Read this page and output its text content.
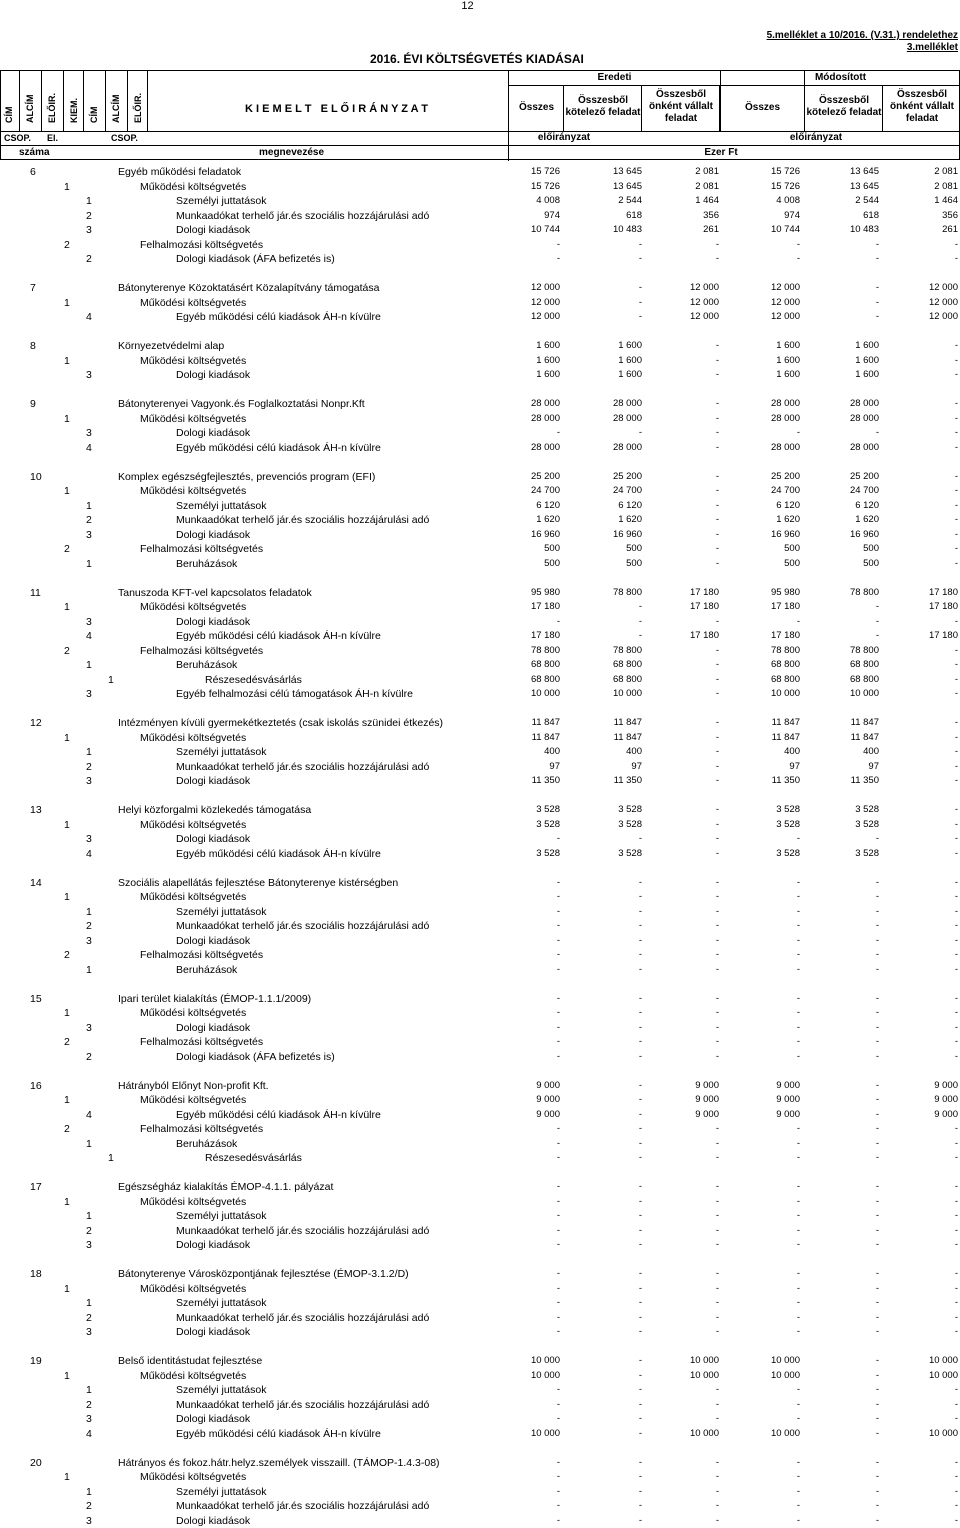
12
2016. ÉVI KÖLTSÉGVETÉS KIADÁSAI
5.melléklet a 10/2016. (V.31.) rendelethez
3.melléklet
CÍM ALCÍM ELŐIR. KIEM. CÍM ALCÍM ELŐIR.
CSOP. El.	CSOP.
száma	megnevezése
K I E M E L T   E L Ő I R Á N Y Z A T
Eredeti	Módosított
Összes
Összesből kötelező feladat
Összesből önként vállalt feladat
Összes
Összesből kötelező feladat
Összesből önként vállalt feladat
előirányzat	előirányzat
Ezer Ft
6	Egyéb működési feladatok	15 726	13 645	2 081	15 726	13 645	2 081
1	Működési költségvetés	15 726	13 645	2 081	15 726	13 645	2 081
1	Személyi juttatások	4 008	2 544	1 464	4 008	2 544	1 464
2	Munkaadókat terhelő jár.és szociális hozzájárulási adó	974	618	356	974	618	356
3	Dologi kiadások	10 744	10 483	261	10 744	10 483	261
2	Felhalmozási költségvetés	-	-	-	-	-	-
2	Dologi kiadások (ÁFA befizetés is)	-	-	-	-	-	-
7	Bátonyterenye Közoktatásért Közalapítvány támogatása	12 000	-	12 000	12 000	-	12 000
1	Működési költségvetés	12 000	-	12 000	12 000	-	12 000
4	Egyéb működési célú kiadások ÁH-n kívülre	12 000	-	12 000	12 000	-	12 000
8	Környezetvédelmi alap	1 600	1 600	-	1 600	1 600	-
1	Működési költségvetés	1 600	1 600	-	1 600	1 600	-
3	Dologi kiadások	1 600	1 600	-	1 600	1 600	-
9	Bátonyterenyei Vagyonk.és Foglalkoztatási Nonpr.Kft	28 000	28 000	-	28 000	28 000	-
1	Működési költségvetés	28 000	28 000	-	28 000	28 000	-
3	Dologi kiadások	-	-	-	-	-	-
4	Egyéb működési célú kiadások ÁH-n kívülre	28 000	28 000	-	28 000	28 000	-
10	Komplex egészségfejlesztés, prevenciós program (EFI)	25 200	25 200	-	25 200	25 200	-
1	Működési költségvetés	24 700	24 700	-	24 700	24 700	-
1	Személyi juttatások	6 120	6 120	-	6 120	6 120	-
2	Munkaadókat terhelő jár.és szociális hozzájárulási adó	1 620	1 620	-	1 620	1 620	-
3	Dologi kiadások	16 960	16 960	-	16 960	16 960	-
2	Felhalmozási költségvetés	500	500	-	500	500	-
1	Beruházások	500	500	-	500	500	-
11	Tanuszoda KFT-vel kapcsolatos feladatok	95 980	78 800	17 180	95 980	78 800	17 180
1	Működési költségvetés	17 180	-	17 180	17 180	-	17 180
3	Dologi kiadások	-	-	-	-	-	-
4	Egyéb működési célú kiadások ÁH-n kívülre	17 180	-	17 180	17 180	-	17 180
2	Felhalmozási költségvetés	78 800	78 800	-	78 800	78 800	-
1	Beruházások	68 800	68 800	-	68 800	68 800	-
1	Részesedésvásárlás	68 800	68 800	-	68 800	68 800	-
3	Egyéb felhalmozási célú támogatások ÁH-n kívülre	10 000	10 000	-	10 000	10 000	-
12	Intézményen kívüli gyermekétkeztetés (csak iskolás szünidei étkezés)	11 847	11 847	-	11 847	11 847	-
1	Működési költségvetés	11 847	11 847	-	11 847	11 847	-
1	Személyi juttatások	400	400	-	400	400	-
2	Munkaadókat terhelő jár.és szociális hozzájárulási adó	97	97	-	97	97	-
3	Dologi kiadások	11 350	11 350	-	11 350	11 350	-
13	Helyi közforgalmi közlekedés támogatása	3 528	3 528	-	3 528	3 528	-
1	Működési költségvetés	3 528	3 528	-	3 528	3 528	-
3	Dologi kiadások	-	-	-	-	-	-
4	Egyéb működési célú kiadások ÁH-n kívülre	3 528	3 528	-	3 528	3 528	-
14	Szociális alapellátás fejlesztése Bátonyterenye kistérségben	-	-	-	-	-	-
1	Működési költségvetés	-	-	-	-	-	-
1	Személyi juttatások	-	-	-	-	-	-
2	Munkaadókat terhelő jár.és szociális hozzájárulási adó	-	-	-	-	-	-
3	Dologi kiadások	-	-	-	-	-	-
2	Felhalmozási költségvetés	-	-	-	-	-	-
1	Beruházások	-	-	-	-	-	-
15	Ipari terület kialakítás (ÉMOP-1.1.1/2009)	-	-	-	-	-	-
1	Működési költségvetés	-	-	-	-	-	-
3	Dologi kiadások	-	-	-	-	-	-
2	Felhalmozási költségvetés	-	-	-	-	-	-
2	Dologi kiadások (ÁFA befizetés is)	-	-	-	-	-	-
16	Hátrányból Előnyt Non-profit Kft.	9 000	-	9 000	9 000	-	9 000
1	Működési költségvetés	9 000	-	9 000	9 000	-	9 000
4	Egyéb működési célú kiadások ÁH-n kívülre	9 000	-	9 000	9 000	-	9 000
2	Felhalmozási költségvetés	-	-	-	-	-	-
1	Beruházások	-	-	-	-	-	-
1	Részesedésvásárlás	-	-	-	-	-	-
17	Egészségház kialakítás ÉMOP-4.1.1. pályázat	-	-	-	-	-	-
1	Működési költségvetés	-	-	-	-	-	-
1	Személyi juttatások	-	-	-	-	-	-
2	Munkaadókat terhelő jár.és szociális hozzájárulási adó	-	-	-	-	-	-
3	Dologi kiadások	-	-	-	-	-	-
18	Bátonyterenye Városközpontjának fejlesztése (ÉMOP-3.1.2/D)	-	-	-	-	-	-
1	Működési költségvetés	-	-	-	-	-	-
1	Személyi juttatások	-	-	-	-	-	-
2	Munkaadókat terhelő jár.és szociális hozzájárulási adó	-	-	-	-	-	-
3	Dologi kiadások	-	-	-	-	-	-
19	Belső identitástudat fejlesztése	10 000	-	10 000	10 000	-	10 000
1	Működési költségvetés	10 000	-	10 000	10 000	-	10 000
1	Személyi juttatások	-	-	-	-	-	-
2	Munkaadókat terhelő jár.és szociális hozzájárulási adó	-	-	-	-	-	-
3	Dologi kiadások	-	-	-	-	-	-
4	Egyéb működési célú kiadások ÁH-n kívülre	10 000	-	10 000	10 000	-	10 000
20	Hátrányos és fokoz.hátr.helyz.személyek visszaill. (TÁMOP-1.4.3-08)	-	-	-	-	-	-
1	Működési költségvetés	-	-	-	-	-	-
1	Személyi juttatások	-	-	-	-	-	-
2	Munkaadókat terhelő jár.és szociális hozzájárulási adó	-	-	-	-	-	-
3	Dologi kiadások	-	-	-	-	-	-
